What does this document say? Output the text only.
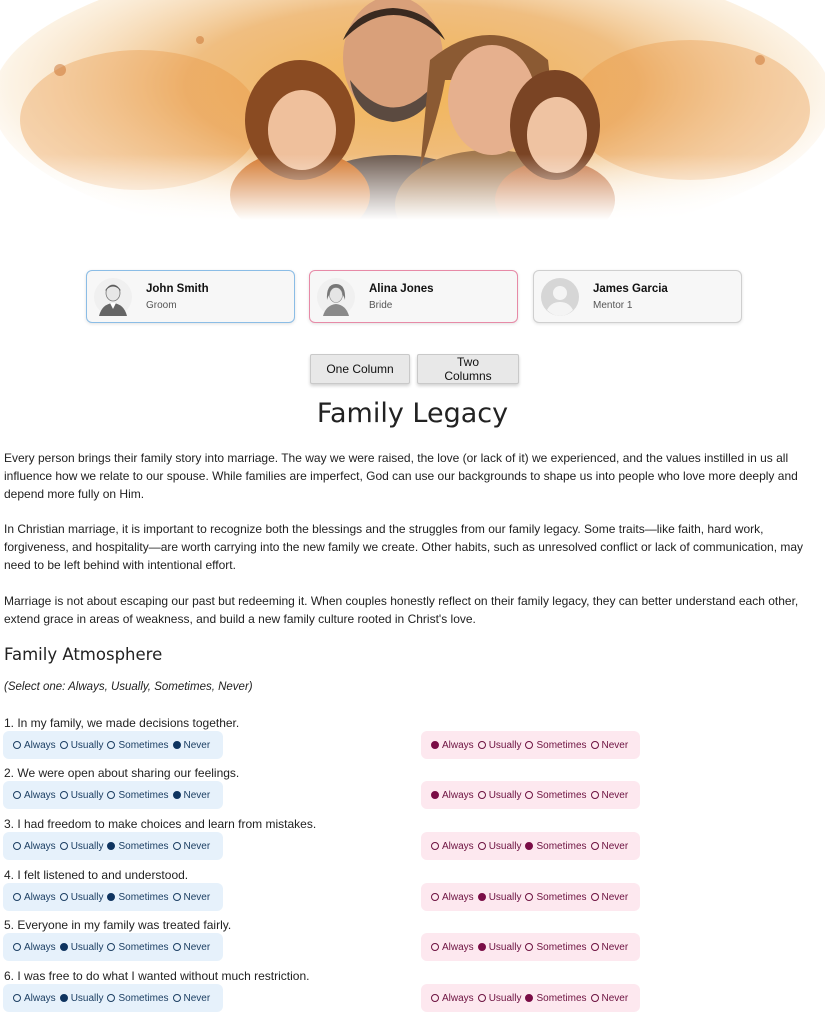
John Smith
Groom
Alina Jones
Bride
James Garcia
Mentor 1
One Column	Two Columns
Family Legacy

Every person brings their family story into marriage. The way we were raised, the love (or lack of it) we experienced, and the values instilled in us all influence how we relate to our spouse. While families are imperfect, God can use our backgrounds to shape us into people who love more deeply and depend more fully on Him.

In Christian marriage, it is important to recognize both the blessings and the struggles from our family legacy. Some traits—like faith, hard work, forgiveness, and hospitality—are worth carrying into the new family we create. Other habits, such as unresolved conflict or lack of communication, may need to be left behind with intentional effort.

Marriage is not about escaping our past but redeeming it. When couples honestly reflect on their family legacy, they can better understand each other, extend grace in areas of weakness, and build a new family culture rooted in Christ's love.

Family Atmosphere

(Select one: Always, Usually, Sometimes, Never)

1. In my family, we made decisions together.
Always Usually Sometimes Never	Always Usually Sometimes Never
2. We were open about sharing our feelings.
Always Usually Sometimes Never	Always Usually Sometimes Never
3. I had freedom to make choices and learn from mistakes.
Always Usually Sometimes Never	Always Usually Sometimes Never
4. I felt listened to and understood.
Always Usually Sometimes Never	Always Usually Sometimes Never
5. Everyone in my family was treated fairly.
Always Usually Sometimes Never	Always Usually Sometimes Never
6. I was free to do what I wanted without much restriction.
Always Usually Sometimes Never	Always Usually Sometimes Never
